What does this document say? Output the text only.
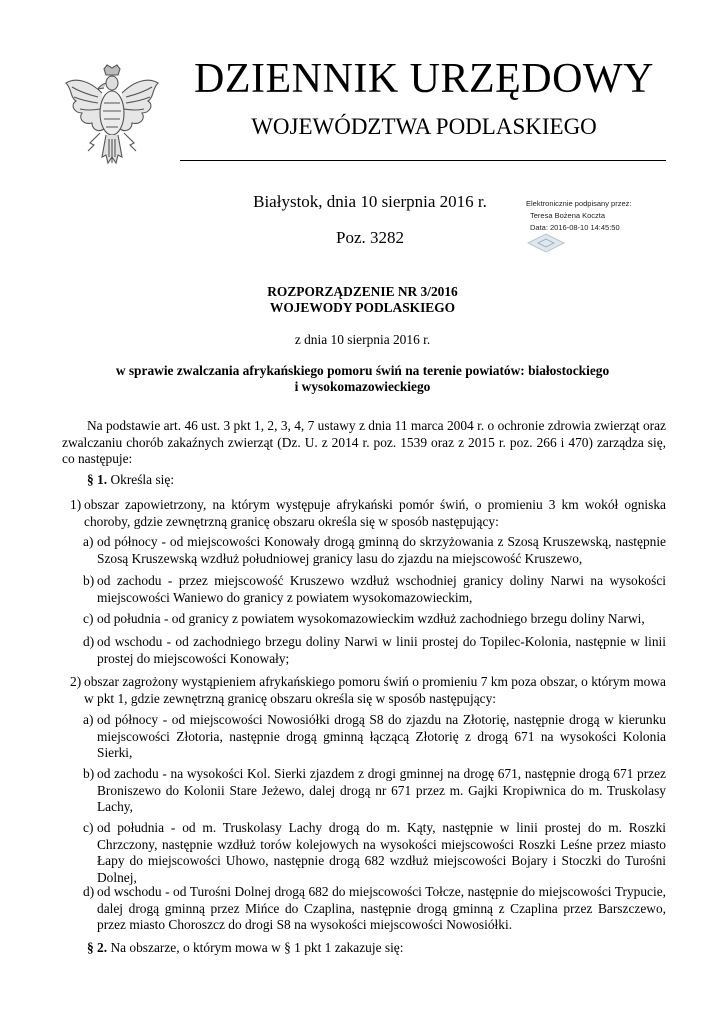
DZIENNIK URZĘDOWY
WOJEWÓDZTWA PODLASKIEGO
Białystok, dnia 10 sierpnia 2016 r.
Poz. 3282
Elektronicznie podpisany przez:
Teresa Bożena Koczta
Data: 2016-08-10 14:45:50
ROZPORZĄDZENIE NR 3/2016
WOJEWODY PODLASKIEGO
z dnia 10 sierpnia 2016 r.
w sprawie zwalczania afrykańskiego pomoru świń na terenie powiatów: białostockiego
i wysokomazowieckiego
Na podstawie art. 46 ust. 3 pkt 1, 2, 3, 4, 7 ustawy z dnia 11 marca 2004 r. o ochronie zdrowia zwierząt oraz zwalczaniu chorób zakaźnych zwierząt (Dz. U. z 2014 r. poz. 1539 oraz z 2015 r. poz. 266 i 470) zarządza się, co następuje:
§ 1. Określa się:
1) obszar zapowietrzony, na którym występuje afrykański pomór świń, o promieniu 3 km wokół ogniska choroby, gdzie zewnętrzną granicę obszaru określa się w sposób następujący:
a) od północy - od miejscowości Konowały drogą gminną do skrzyżowania z Szosą Kruszewską, następnie Szosą Kruszewską wzdłuż południowej granicy lasu do zjazdu na miejscowość Kruszewo,
b) od zachodu - przez miejscowość Kruszewo wzdłuż wschodniej granicy doliny Narwi na wysokości miejscowości Waniewo do granicy z powiatem wysokomazowieckim,
c) od południa - od granicy z powiatem wysokomazowieckim wzdłuż zachodniego brzegu doliny Narwi,
d) od wschodu - od zachodniego brzegu doliny Narwi w linii prostej do Topilec-Kolonia, następnie w linii prostej do miejscowości Konowały;
2) obszar zagrożony wystąpieniem afrykańskiego pomoru świń o promieniu 7 km poza obszar, o którym mowa w pkt 1, gdzie zewnętrzną granicę obszaru określa się w sposób następujący:
a) od północy - od miejscowości Nowosiółki drogą S8 do zjazdu na Złotorię, następnie drogą w kierunku miejscowości Złotoria, następnie drogą gminną łączącą Złotorię z drogą 671 na wysokości Kolonia Sierki,
b) od zachodu - na wysokości Kol. Sierki zjazdem z drogi gminnej na drogę 671, następnie drogą 671 przez Broniszewo do Kolonii Stare Jeżewo, dalej drogą nr 671 przez m. Gajki Kropiwnica do m. Truskolasy Lachy,
c) od południa - od m. Truskolasy Lachy drogą do m. Kąty, następnie w linii prostej do m. Roszki Chrzczony, następnie wzdłuż torów kolejowych na wysokości miejscowości Roszki Leśne przez miasto Łapy do miejscowości Uhowo, następnie drogą 682 wzdłuż miejscowości Bojary i Stoczki do Turośni Dolnej,
d) od wschodu - od Turośni Dolnej drogą 682 do miejscowości Tołcze, następnie do miejscowości Trypucie, dalej drogą gminną przez Mińce do Czaplina, następnie drogą gminną z Czaplina przez Barszczewo, przez miasto Choroszcz do drogi S8 na wysokości miejscowości Nowosiółki.
§ 2. Na obszarze, o którym mowa w § 1 pkt 1 zakazuje się:
